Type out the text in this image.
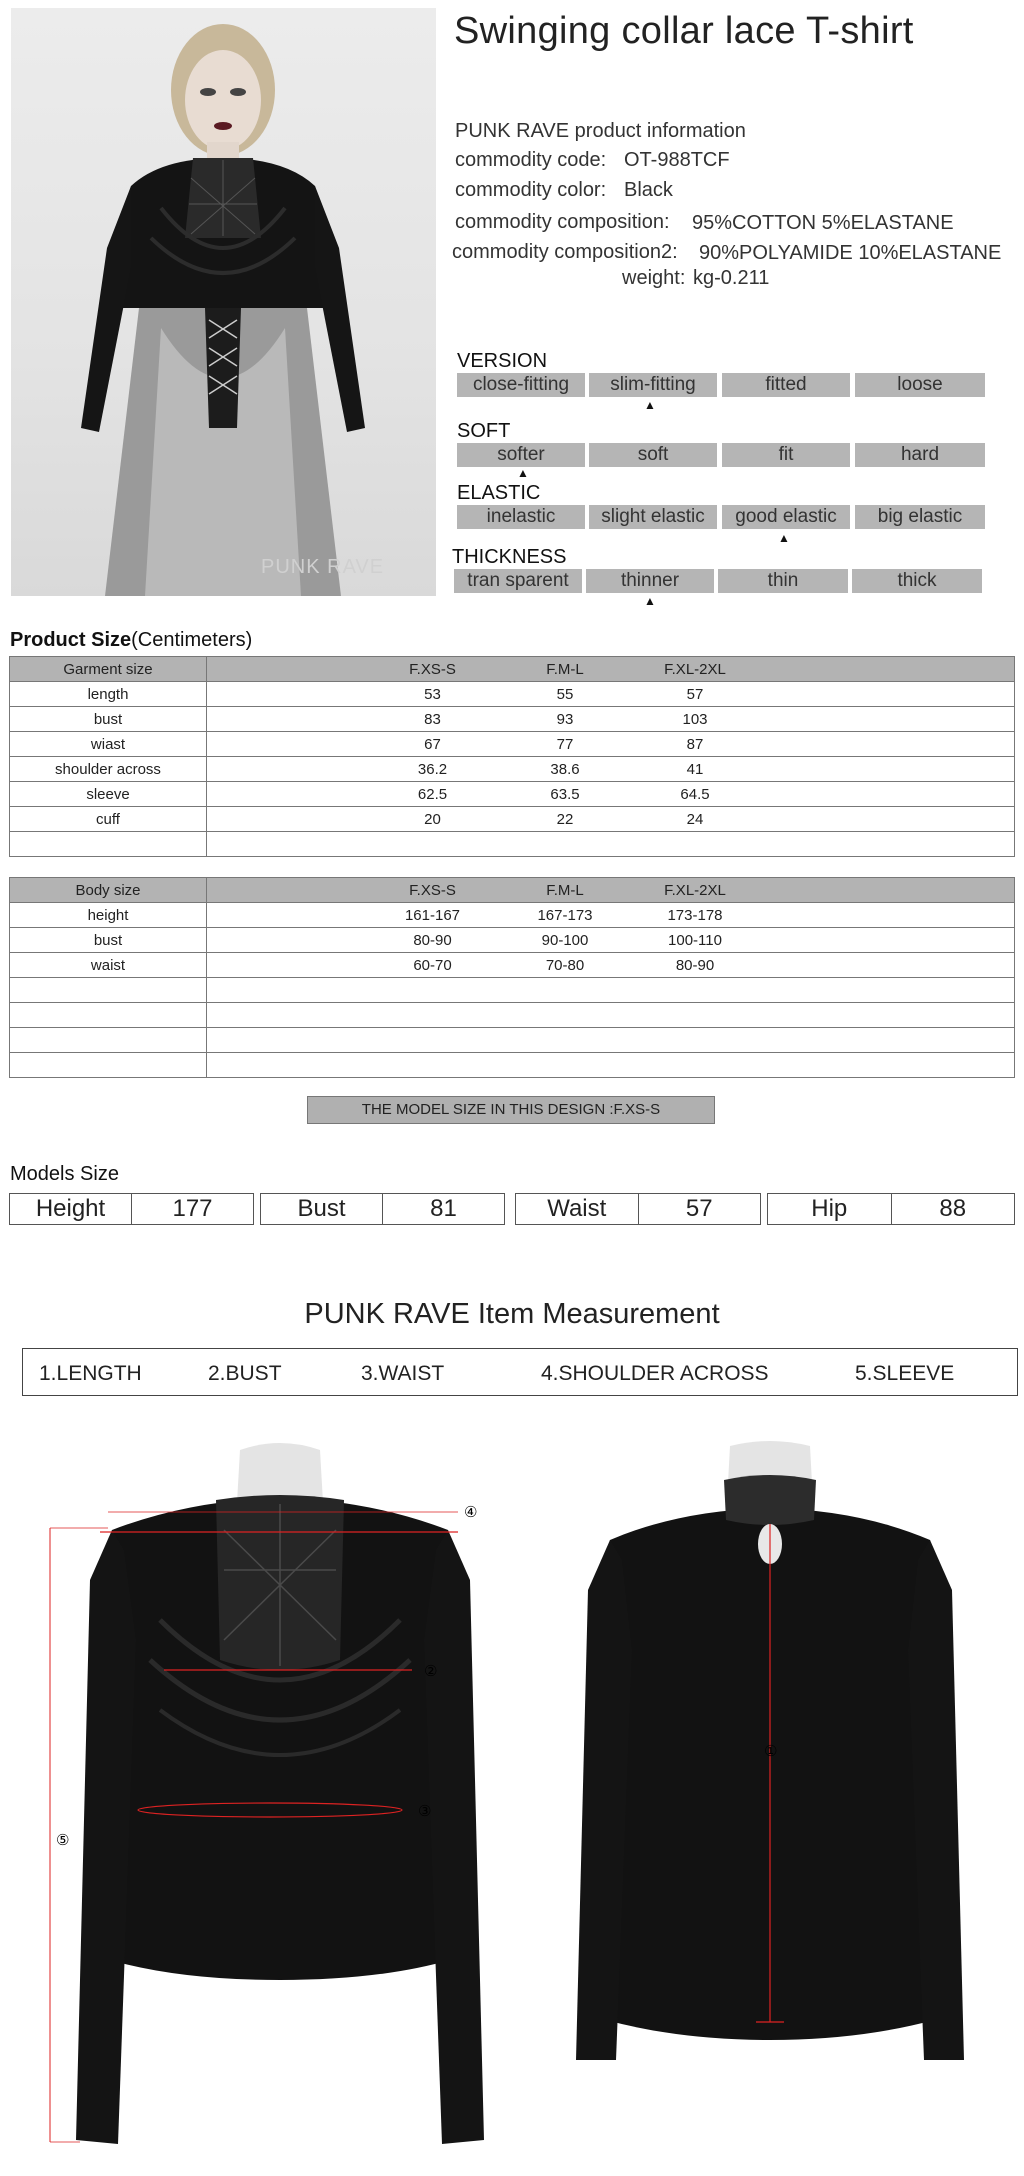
PUNK RAVE
Swinging collar lace T-shirt
PUNK RAVE product information
commodity code: OT-988TCF
commodity color: Black
commodity composition: 95%COTTON 5%ELASTANE
commodity composition2: 90%POLYAMIDE 10%ELASTANE
weight: kg-0.211
VERSION
close-fitting	slim-fitting	fitted	loose
▲
SOFT
softer	soft	fit	hard
▲
ELASTIC
inelastic	slight elastic	good elastic	big elastic
▲
THICKNESS
tran sparent	thinner	thin	thick
▲
Product Size(Centimeters)
Garment size	F.XS-S F.M-L F.XL-2XL

length	53 55 57

bust	83 93 103

wiast	67 77 87

shoulder across	36.2 38.6 41

sleeve	62.5 63.5 64.5

cuff	20 22 24

Body size	F.XS-S F.M-L F.XL-2XL

height	161-167 167-173 173-178

bust	80-90 90-100 100-110

waist	60-70 70-80 80-90

THE MODEL SIZE IN THIS DESIGN :F.XS-S
Models Size
Height	177	Bust	81	Waist	57	Hip	88
PUNK RAVE Item Measurement
1.LENGTH	2.BUST	3.WAIST	4.SHOULDER ACROSS	5.SLEEVE
④
②
③
⑤
①
